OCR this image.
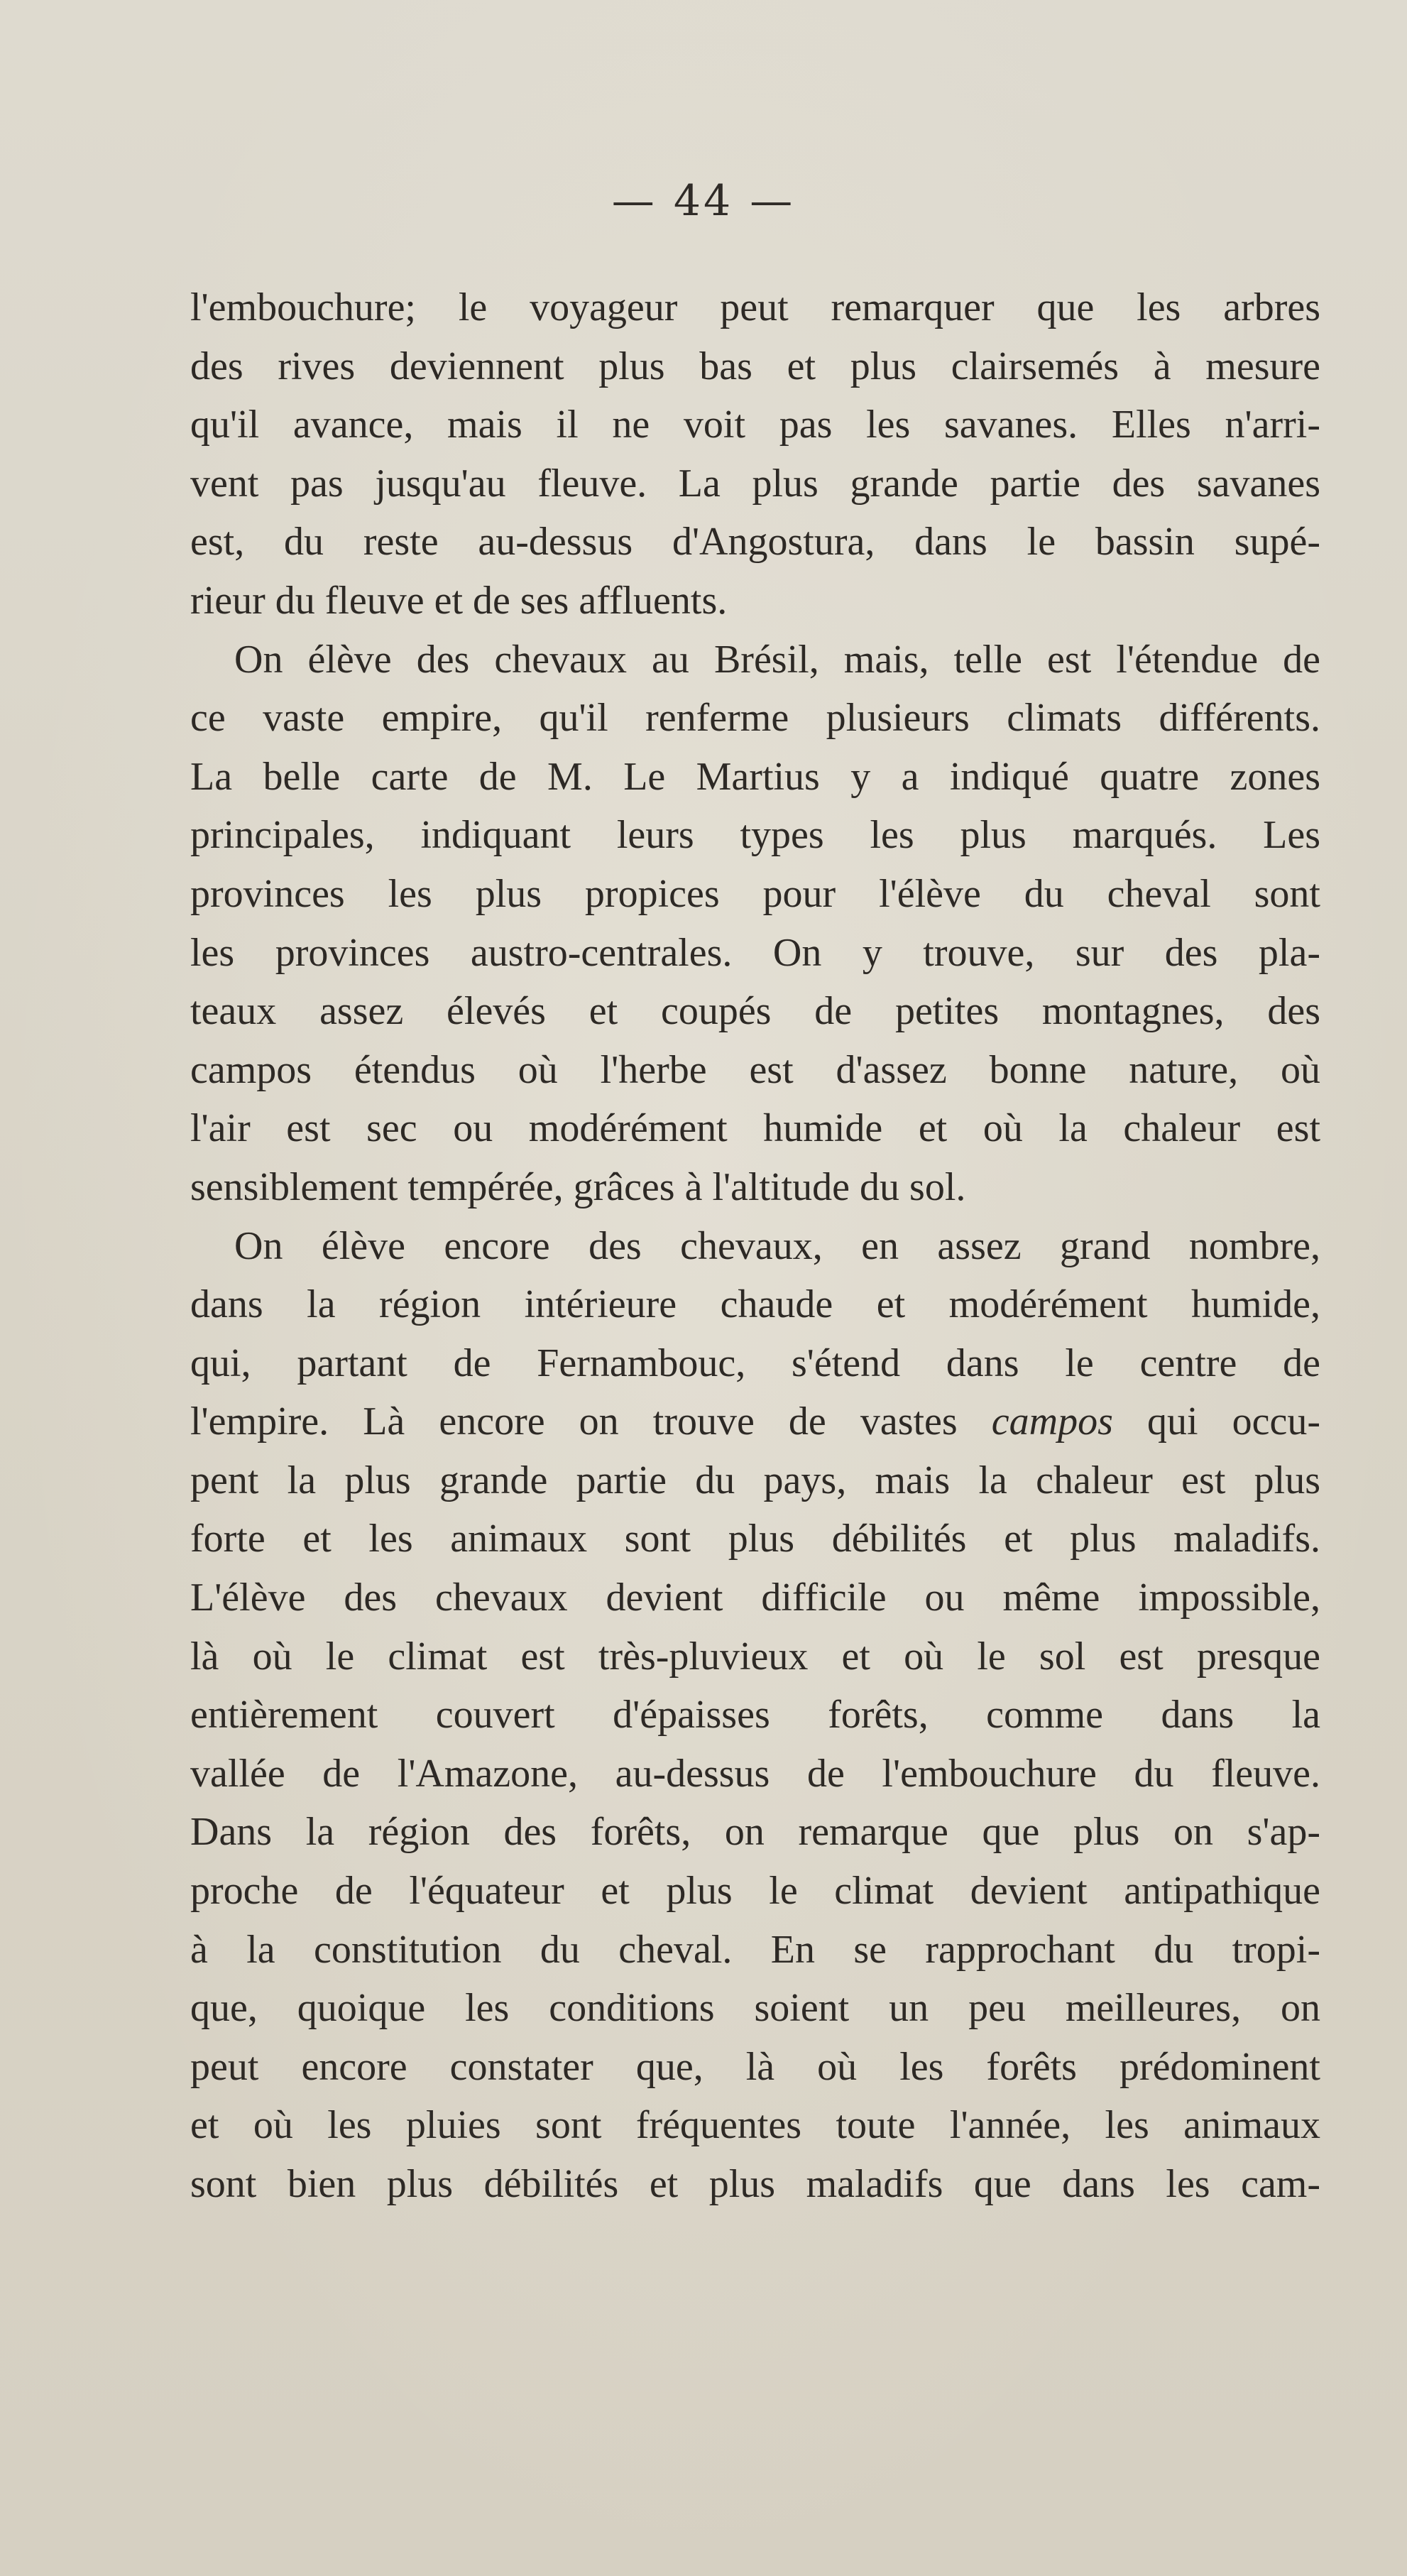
— 44 —
l'embouchure; le voyageur peut remarquer que les arbres
des rives deviennent plus bas et plus clairsemés à mesure
qu'il avance, mais il ne voit pas les savanes. Elles n'arri-
vent pas jusqu'au fleuve. La plus grande partie des savanes
est, du reste au-dessus d'Angostura, dans le bassin supé-
rieur du fleuve et de ses affluents.
On élève des chevaux au Brésil, mais, telle est l'étendue de
ce vaste empire, qu'il renferme plusieurs climats différents.
La belle carte de M. Le Martius y a indiqué quatre zones
principales, indiquant leurs types les plus marqués. Les
provinces les plus propices pour l'élève du cheval sont
les provinces austro-centrales. On y trouve, sur des pla-
teaux assez élevés et coupés de petites montagnes, des
campos étendus où l'herbe est d'assez bonne nature, où
l'air est sec ou modérément humide et où la chaleur est
sensiblement tempérée, grâces à l'altitude du sol.
On élève encore des chevaux, en assez grand nombre,
dans la région intérieure chaude et modérément humide,
qui, partant de Fernambouc, s'étend dans le centre de
l'empire. Là encore on trouve de vastes campos qui occu-
pent la plus grande partie du pays, mais la chaleur est plus
forte et les animaux sont plus débilités et plus maladifs.
L'élève des chevaux devient difficile ou même impossible,
là où le climat est très-pluvieux et où le sol est presque
entièrement couvert d'épaisses forêts, comme dans la
vallée de l'Amazone, au-dessus de l'embouchure du fleuve.
Dans la région des forêts, on remarque que plus on s'ap-
proche de l'équateur et plus le climat devient antipathique
à la constitution du cheval. En se rapprochant du tropi-
que, quoique les conditions soient un peu meilleures, on
peut encore constater que, là où les forêts prédominent
et où les pluies sont fréquentes toute l'année, les animaux
sont bien plus débilités et plus maladifs que dans les cam-
